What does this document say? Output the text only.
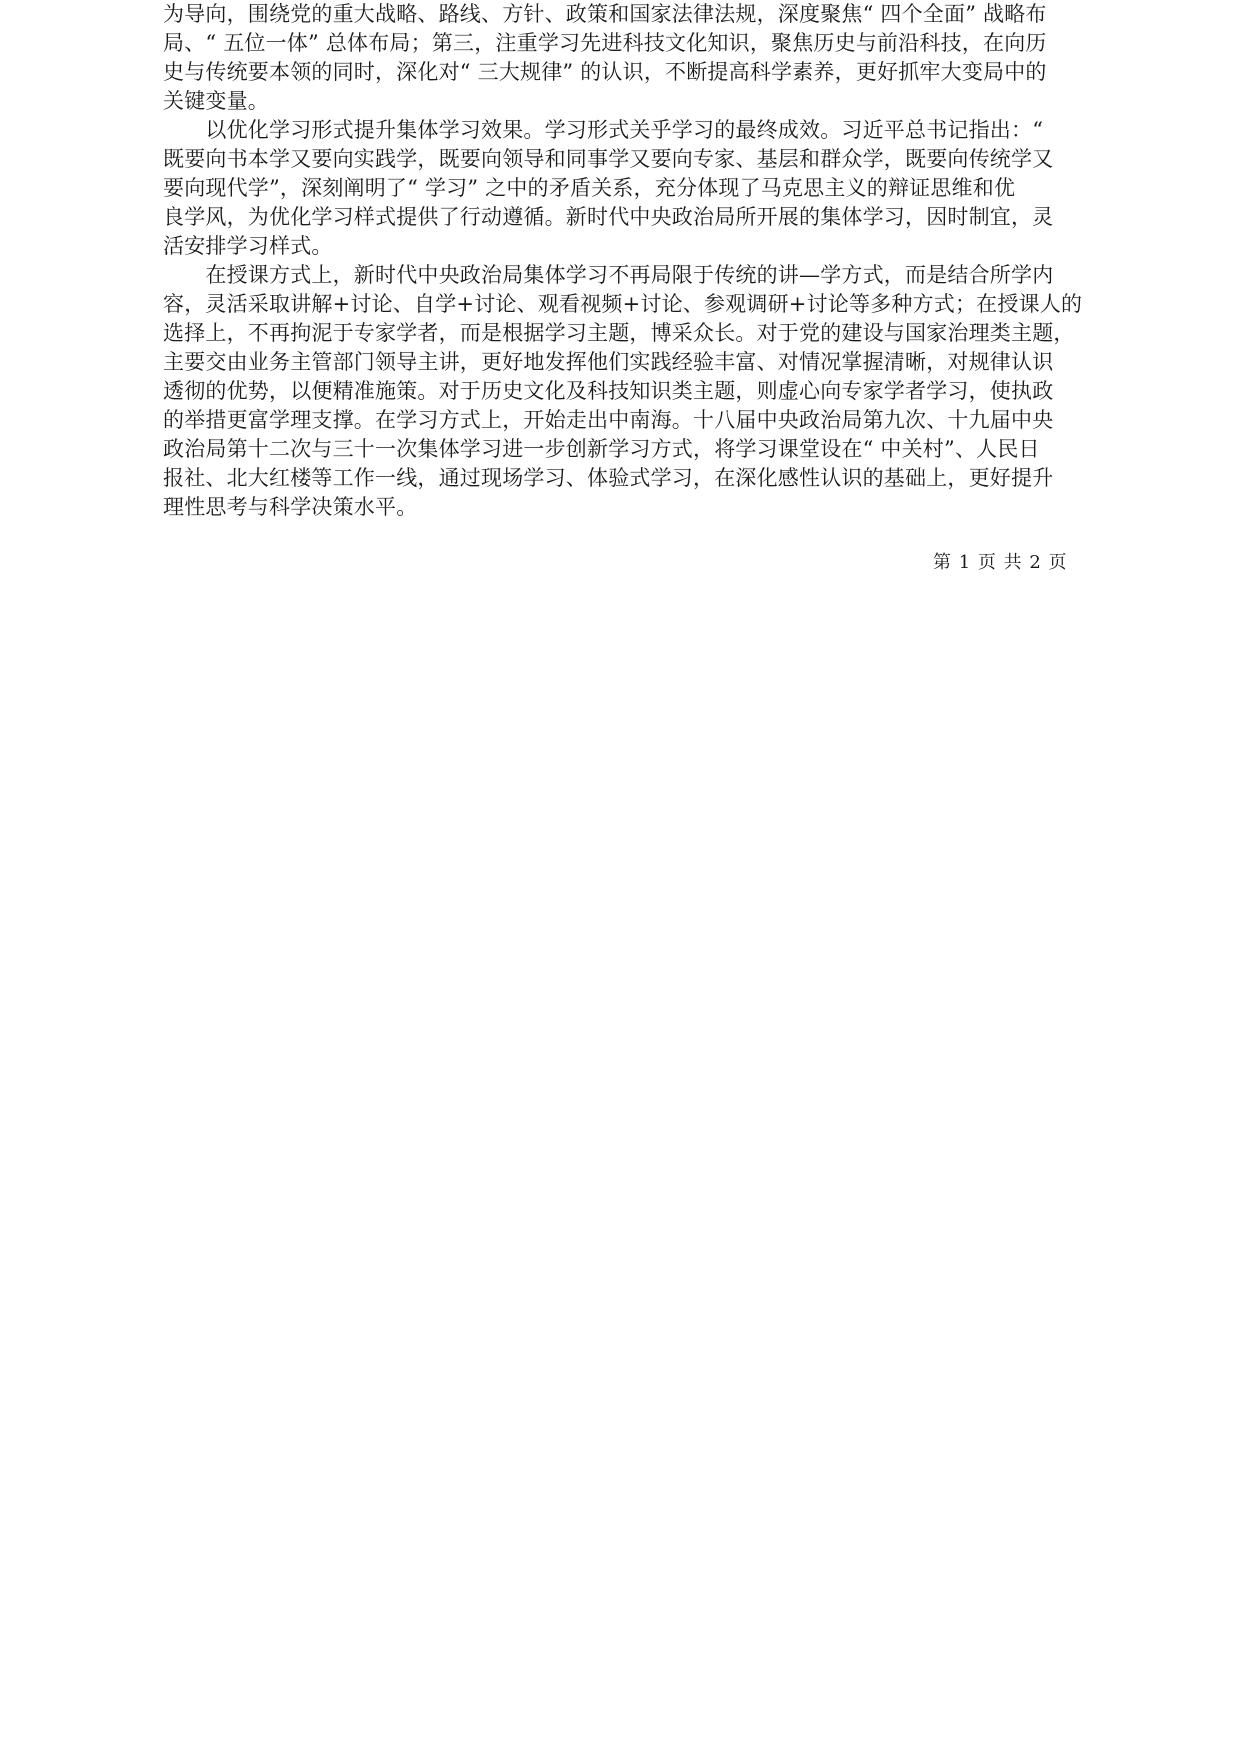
为导向，围绕党的重大战略、路线、方针、政策和国家法律法规，深度聚焦“ 四个全面” 战略布
局、“ 五位一体” 总体布局；第三，注重学习先进科技文化知识，聚焦历史与前沿科技，在向历
史与传统要本领的同时，深化对“ 三大规律” 的认识，不断提高科学素养，更好抓牢大变局中的
关键变量。
　　以优化学习形式提升集体学习效果。学习形式关乎学习的最终成效。习近平总书记指出：“
既要向书本学又要向实践学，既要向领导和同事学又要向专家、基层和群众学，既要向传统学又
要向现代学”，深刻阐明了“ 学习” 之中的矛盾关系，充分体现了马克思主义的辩证思维和优
良学风，为优化学习样式提供了行动遵循。新时代中央政治局所开展的集体学习，因时制宜，灵
活安排学习样式。
　　在授课方式上，新时代中央政治局集体学习不再局限于传统的讲—学方式，而是结合所学内
容，灵活采取讲解+讨论、自学+讨论、观看视频+讨论、参观调研+讨论等多种方式；在授课人的
选择上，不再拘泥于专家学者，而是根据学习主题，博采众长。对于党的建设与国家治理类主题，
主要交由业务主管部门领导主讲，更好地发挥他们实践经验丰富、对情况掌握清晰，对规律认识
透彻的优势，以便精准施策。对于历史文化及科技知识类主题，则虚心向专家学者学习，使执政
的举措更富学理支撑。在学习方式上，开始走出中南海。十八届中央政治局第九次、十九届中央
政治局第十二次与三十一次集体学习进一步创新学习方式，将学习课堂设在“ 中关村”、人民日
报社、北大红楼等工作一线，通过现场学习、体验式学习，在深化感性认识的基础上，更好提升
理性思考与科学决策水平。
第 1 页 共 2 页
